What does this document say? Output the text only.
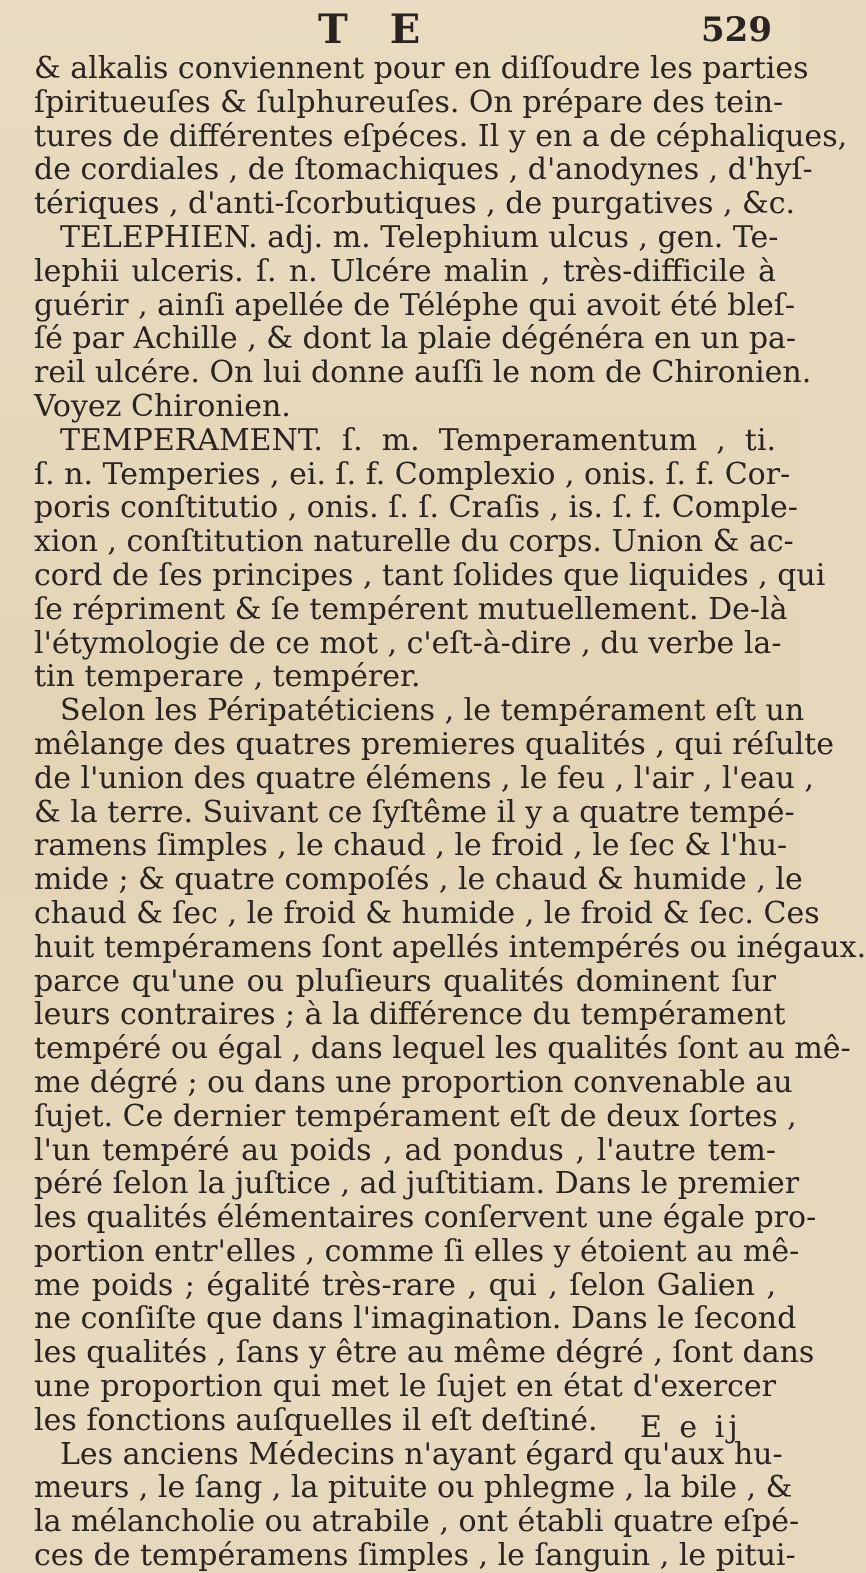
T E	529
& alkalis conviennent pour en diſſoudre les parties
ſpiritueuſes & ſulphureuſes. On prépare des tein-
tures de différentes eſpéces. Il y en a de céphaliques,
de cordiales , de ſtomachiques , d'anodynes , d'hyſ-
tériques , d'anti-ſcorbutiques , de purgatives , &c.
TELEPHIEN. adj. m. Telephium ulcus , gen. Te-
lephii ulceris. ſ. n. Ulcére malin , très-difficile à
guérir , ainſi apellée de Téléphe qui avoit été bleſ-
ſé par Achille , & dont la plaie dégénéra en un pa-
reil ulcére. On lui donne auſſi le nom de Chironien.
Voyez Chironien.
TEMPERAMENT. ſ. m. Temperamentum , ti.
ſ. n. Temperies , ei. ſ. f. Complexio , onis. ſ. f. Cor-
poris conſtitutio , onis. ſ. ſ. Craſis , is. ſ. f. Comple-
xion , conſtitution naturelle du corps. Union & ac-
cord de ſes principes , tant ſolides que liquides , qui
ſe répriment & ſe tempérent mutuellement. De-là
l'étymologie de ce mot , c'eſt-à-dire , du verbe la-
tin temperare , tempérer.
Selon les Péripatéticiens , le tempérament eſt un
mêlange des quatres premieres qualités , qui réſulte
de l'union des quatre élémens , le feu , l'air , l'eau ,
& la terre. Suivant ce ſyſtême il y a quatre tempé-
ramens ſimples , le chaud , le froid , le ſec & l'hu-
mide ; & quatre compoſés , le chaud & humide , le
chaud & ſec , le froid & humide , le froid & ſec. Ces
huit tempéramens ſont apellés intempérés ou inégaux.
parce qu'une ou pluſieurs qualités dominent ſur
leurs contraires ; à la différence du tempérament
tempéré ou égal , dans lequel les qualités ſont au mê-
me dégré ; ou dans une proportion convenable au
ſujet. Ce dernier tempérament eſt de deux ſortes ,
l'un tempéré au poids , ad pondus , l'autre tem-
péré ſelon la juſtice , ad juſtitiam. Dans le premier
les qualités élémentaires conſervent une égale pro-
portion entr'elles , comme ſi elles y étoient au mê-
me poids ; égalité très-rare , qui , ſelon Galien ,
ne conſiſte que dans l'imagination. Dans le ſecond
les qualités , ſans y être au même dégré , ſont dans
une proportion qui met le ſujet en état d'exercer
les fonctions auſquelles il eſt deſtiné.
Les anciens Médecins n'ayant égard qu'aux hu-
meurs , le ſang , la pituite ou phlegme , la bile , &
la mélancholie ou atrabile , ont établi quatre eſpé-
ces de tempéramens ſimples , le ſanguin , le pitui-
E e ij
